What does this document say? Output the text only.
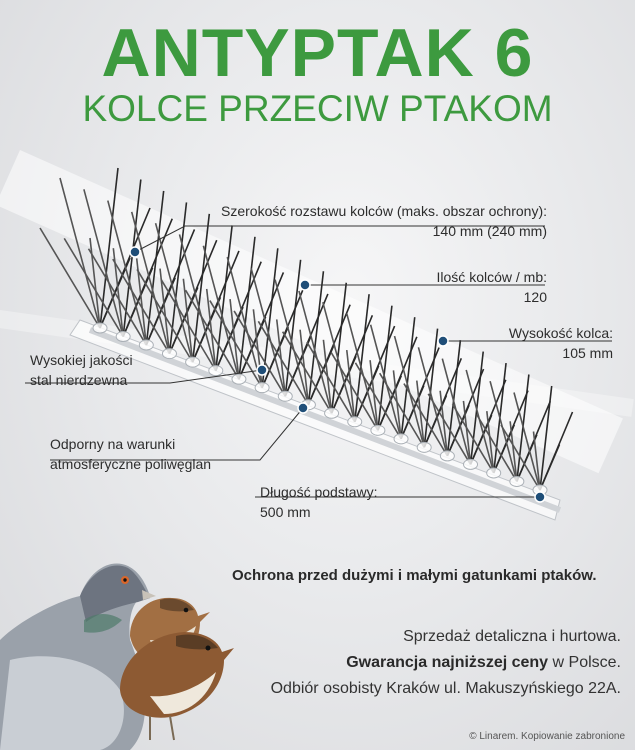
ANTYPTAK 6
KOLCE PRZECIW PTAKOM
Szerokość rozstawu kolców (maks. obszar ochrony):
140 mm (240 mm)
Ilość kolców / mb:
120
Wysokość kolca:
105 mm
Wysokiej jakości
stal nierdzewna
Odporny na warunki
atmosferyczne poliwęglan
Długość podstawy:
500 mm
Ochrona przed dużymi i małymi gatunkami ptaków.
Sprzedaż detaliczna i hurtowa.
Gwarancja najniższej ceny w Polsce.
Odbiór osobisty Kraków ul. Makuszyńskiego 22A.
© Linarem. Kopiowanie zabronione
